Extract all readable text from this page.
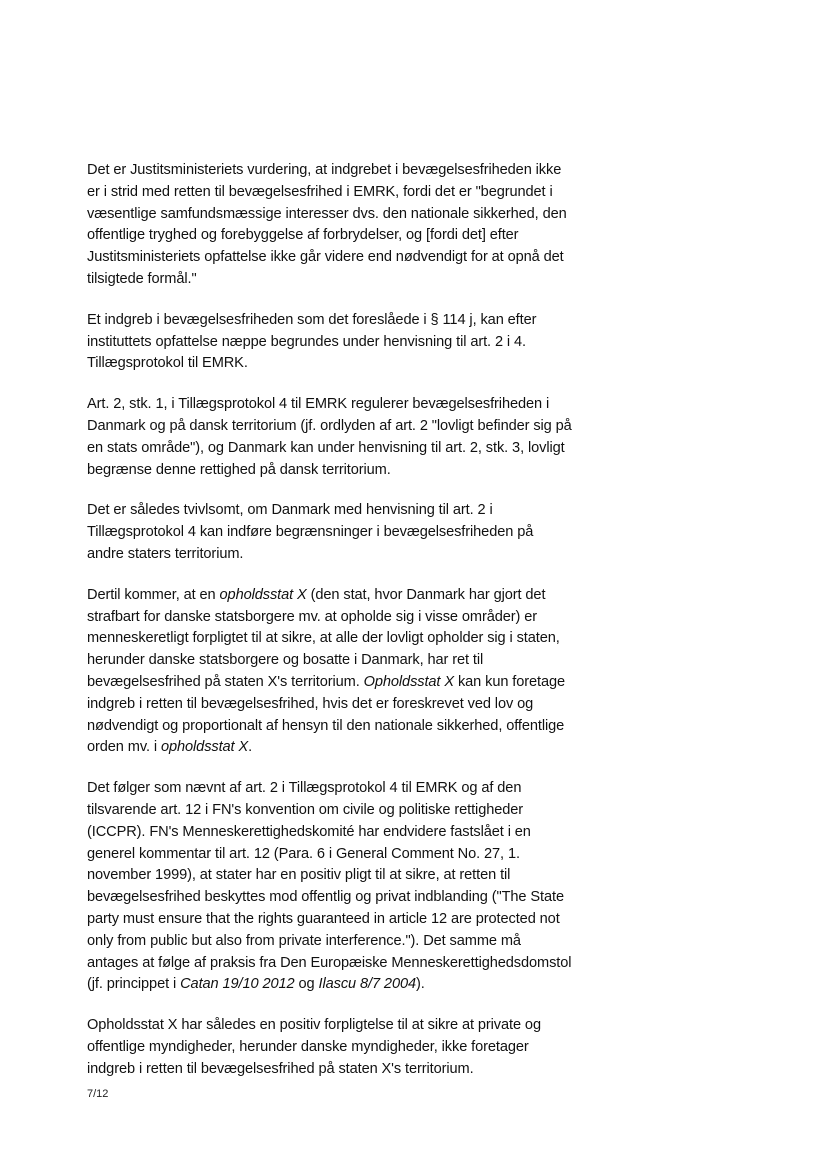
Det er Justitsministeriets vurdering, at indgrebet i bevægelsesfriheden ikke er i strid med retten til bevægelsesfrihed i EMRK, fordi det er "begrundet i væsentlige samfundsmæssige interesser dvs. den nationale sikkerhed, den offentlige tryghed og forebyggelse af forbrydelser, og [fordi det] efter Justitsministeriets opfattelse ikke går videre end nødvendigt for at opnå det tilsigtede formål."

Et indgreb i bevægelsesfriheden som det foreslåede i § 114 j, kan efter instituttets opfattelse næppe begrundes under henvisning til art. 2 i 4. Tillægsprotokol til EMRK.

Art. 2, stk. 1, i Tillægsprotokol 4 til EMRK regulerer bevægelsesfriheden i Danmark og på dansk territorium (jf. ordlyden af art. 2 "lovligt befinder sig på en stats område"), og Danmark kan under henvisning til art. 2, stk. 3, lovligt begrænse denne rettighed på dansk territorium.

Det er således tvivlsomt, om Danmark med henvisning til art. 2 i Tillægsprotokol 4 kan indføre begrænsninger i bevægelsesfriheden på andre staters territorium.

Dertil kommer, at en opholdsstat X (den stat, hvor Danmark har gjort det strafbart for danske statsborgere mv. at opholde sig i visse områder) er menneskeretligt forpligtet til at sikre, at alle der lovligt opholder sig i staten, herunder danske statsborgere og bosatte i Danmark, har ret til bevægelsesfrihed på staten X's territorium. Opholdsstat X kan kun foretage indgreb i retten til bevægelsesfrihed, hvis det er foreskrevet ved lov og nødvendigt og proportionalt af hensyn til den nationale sikkerhed, offentlige orden mv. i opholdsstat X.

Det følger som nævnt af art. 2 i Tillægsprotokol 4 til EMRK og af den tilsvarende art. 12 i FN's konvention om civile og politiske rettigheder (ICCPR). FN's Menneskerettighedskomité har endvidere fastslået i en generel kommentar til art. 12 (Para. 6 i General Comment No. 27, 1. november 1999), at stater har en positiv pligt til at sikre, at retten til bevægelsesfrihed beskyttes mod offentlig og privat indblanding ("The State party must ensure that the rights guaranteed in article 12 are protected not only from public but also from private interference."). Det samme må antages at følge af praksis fra Den Europæiske Menneskerettighedsdomstol (jf. princippet i Catan 19/10 2012 og Ilascu 8/7 2004).

Opholdsstat X har således en positiv forpligtelse til at sikre at private og offentlige myndigheder, herunder danske myndigheder, ikke foretager indgreb i retten til bevægelsesfrihed på staten X's territorium.

7/12
